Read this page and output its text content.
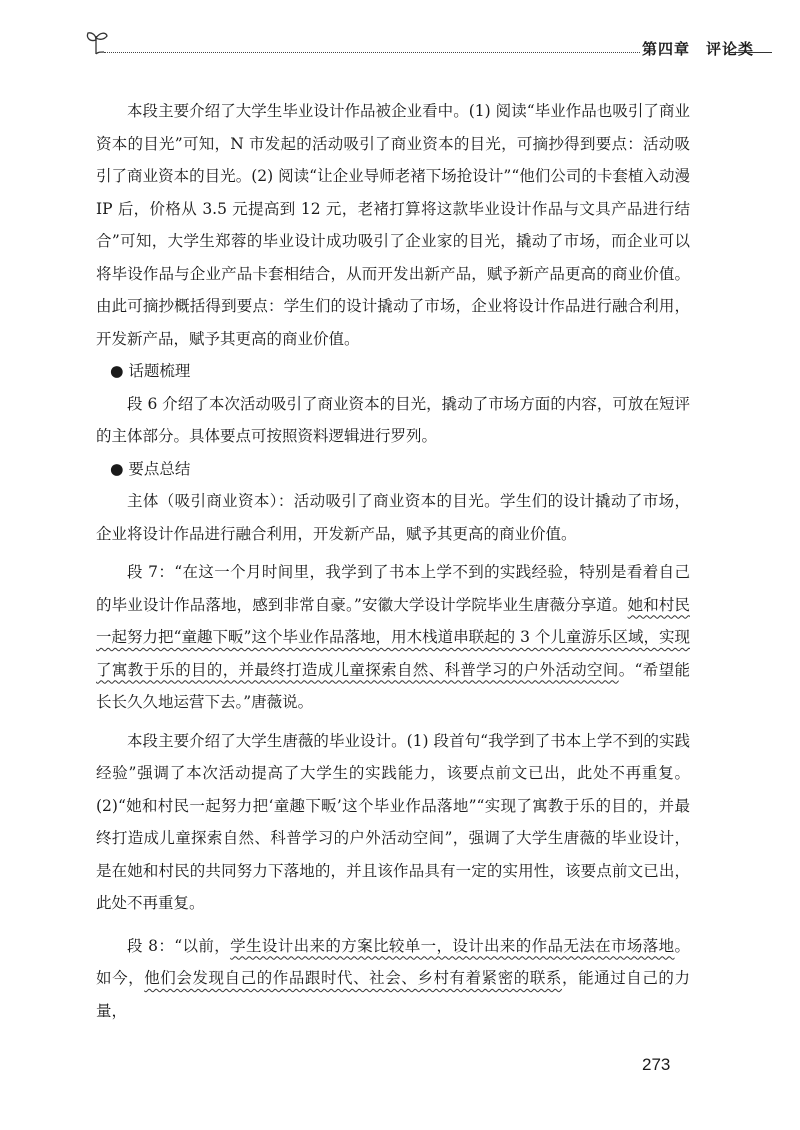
第四章　评论类

本段主要介绍了大学生毕业设计作品被企业看中。(1) 阅读“毕业作品也吸引了商业资本的目光”可知，N 市发起的活动吸引了商业资本的目光，可摘抄得到要点：活动吸引了商业资本的目光。(2) 阅读“让企业导师老褚下场抢设计”“他们公司的卡套植入动漫 IP 后，价格从 3.5 元提高到 12 元，老褚打算将这款毕业设计作品与文具产品进行结合”可知，大学生郑蓉的毕业设计成功吸引了企业家的目光，撬动了市场，而企业可以将毕设作品与企业产品卡套相结合，从而开发出新产品，赋予新产品更高的商业价值。由此可摘抄概括得到要点：学生们的设计撬动了市场，企业将设计作品进行融合利用，开发新产品，赋予其更高的商业价值。

● 话题梳理

段 6 介绍了本次活动吸引了商业资本的目光，撬动了市场方面的内容，可放在短评的主体部分。具体要点可按照资料逻辑进行罗列。

● 要点总结

主体（吸引商业资本）：活动吸引了商业资本的目光。学生们的设计撬动了市场，企业将设计作品进行融合利用，开发新产品，赋予其更高的商业价值。

段 7：“在这一个月时间里，我学到了书本上学不到的实践经验，特别是看着自己的毕业设计作品落地，感到非常自豪。”安徽大学设计学院毕业生唐薇分享道。她和村民一起努力把“童趣下畈”这个毕业作品落地，用木栈道串联起的 3 个儿童游乐区域，实现了寓教于乐的目的，并最终打造成儿童探索自然、科普学习的户外活动空间。“希望能长长久久地运营下去。”唐薇说。

本段主要介绍了大学生唐薇的毕业设计。(1) 段首句“我学到了书本上学不到的实践经验”强调了本次活动提高了大学生的实践能力，该要点前文已出，此处不再重复。(2)“她和村民一起努力把‘童趣下畈’这个毕业作品落地”“实现了寓教于乐的目的，并最终打造成儿童探索自然、科普学习的户外活动空间”，强调了大学生唐薇的毕业设计，是在她和村民的共同努力下落地的，并且该作品具有一定的实用性，该要点前文已出，此处不再重复。

段 8：“以前，学生设计出来的方案比较单一，设计出来的作品无法在市场落地。如今，他们会发现自己的作品跟时代、社会、乡村有着紧密的联系，能通过自己的力量，

273
